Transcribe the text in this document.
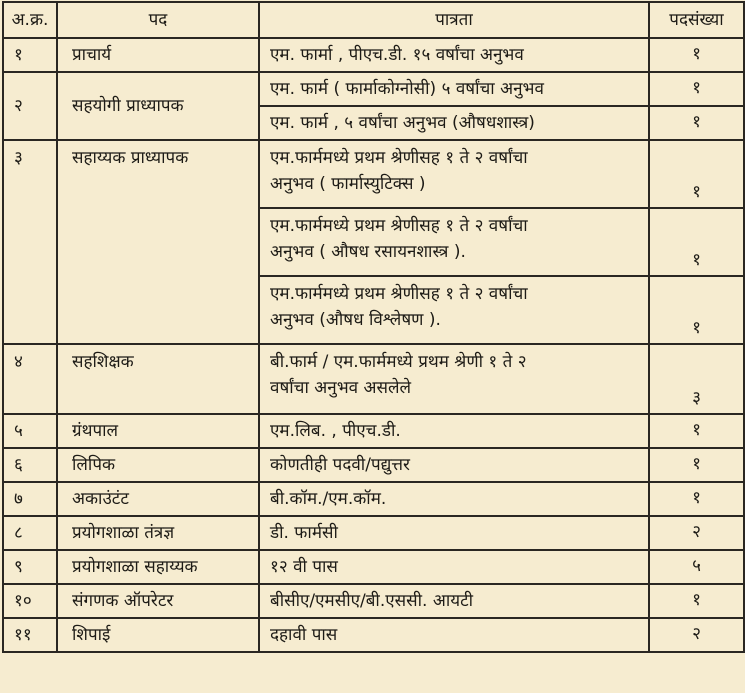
अ.क्र.	पद	पात्रता	पदसंख्या
१	प्राचार्य	एम. फार्मा , पीएच.डी. १५ वर्षांचा अनुभव	१
२	सहयोगी प्राध्यापक	एम. फार्म ( फार्माकोग्नोसी) ५ वर्षांचा अनुभव	१
		एम. फार्म , ५ वर्षांचा अनुभव (औषधशास्त्र)	१
३	सहाय्यक प्राध्यापक	एम.फार्ममध्ये प्रथम श्रेणीसह १ ते २ वर्षांचा
अनुभव ( फार्मास्युटिक्स )	१

		एम.फार्ममध्ये प्रथम श्रेणीसह १ ते २ वर्षांचा
अनुभव ( औषध रसायनशास्त्र ).	१

		एम.फार्ममध्ये प्रथम श्रेणीसह १ ते २ वर्षांचा
अनुभव (औषध विश्लेषण ).	१
४	सहशिक्षक	बी.फार्म / एम.फार्ममध्ये प्रथम श्रेणी १ ते २
वर्षांचा अनुभव असलेले	३
५	ग्रंथपाल	एम.लिब. , पीएच.डी.	१
६	लिपिक	कोणतीही पदवी/पद्युत्तर	१
७	अकाउंटंट	बी.कॉम./एम.कॉम.	१
८	प्रयोगशाळा तंत्रज्ञ	डी. फार्मसी	२
९	प्रयोगशाळा सहाय्यक	१२ वी पास	५
१०	संगणक ऑपरेटर	बीसीए/एमसीए/बी.एससी. आयटी	१
११	शिपाई	दहावी पास	२
